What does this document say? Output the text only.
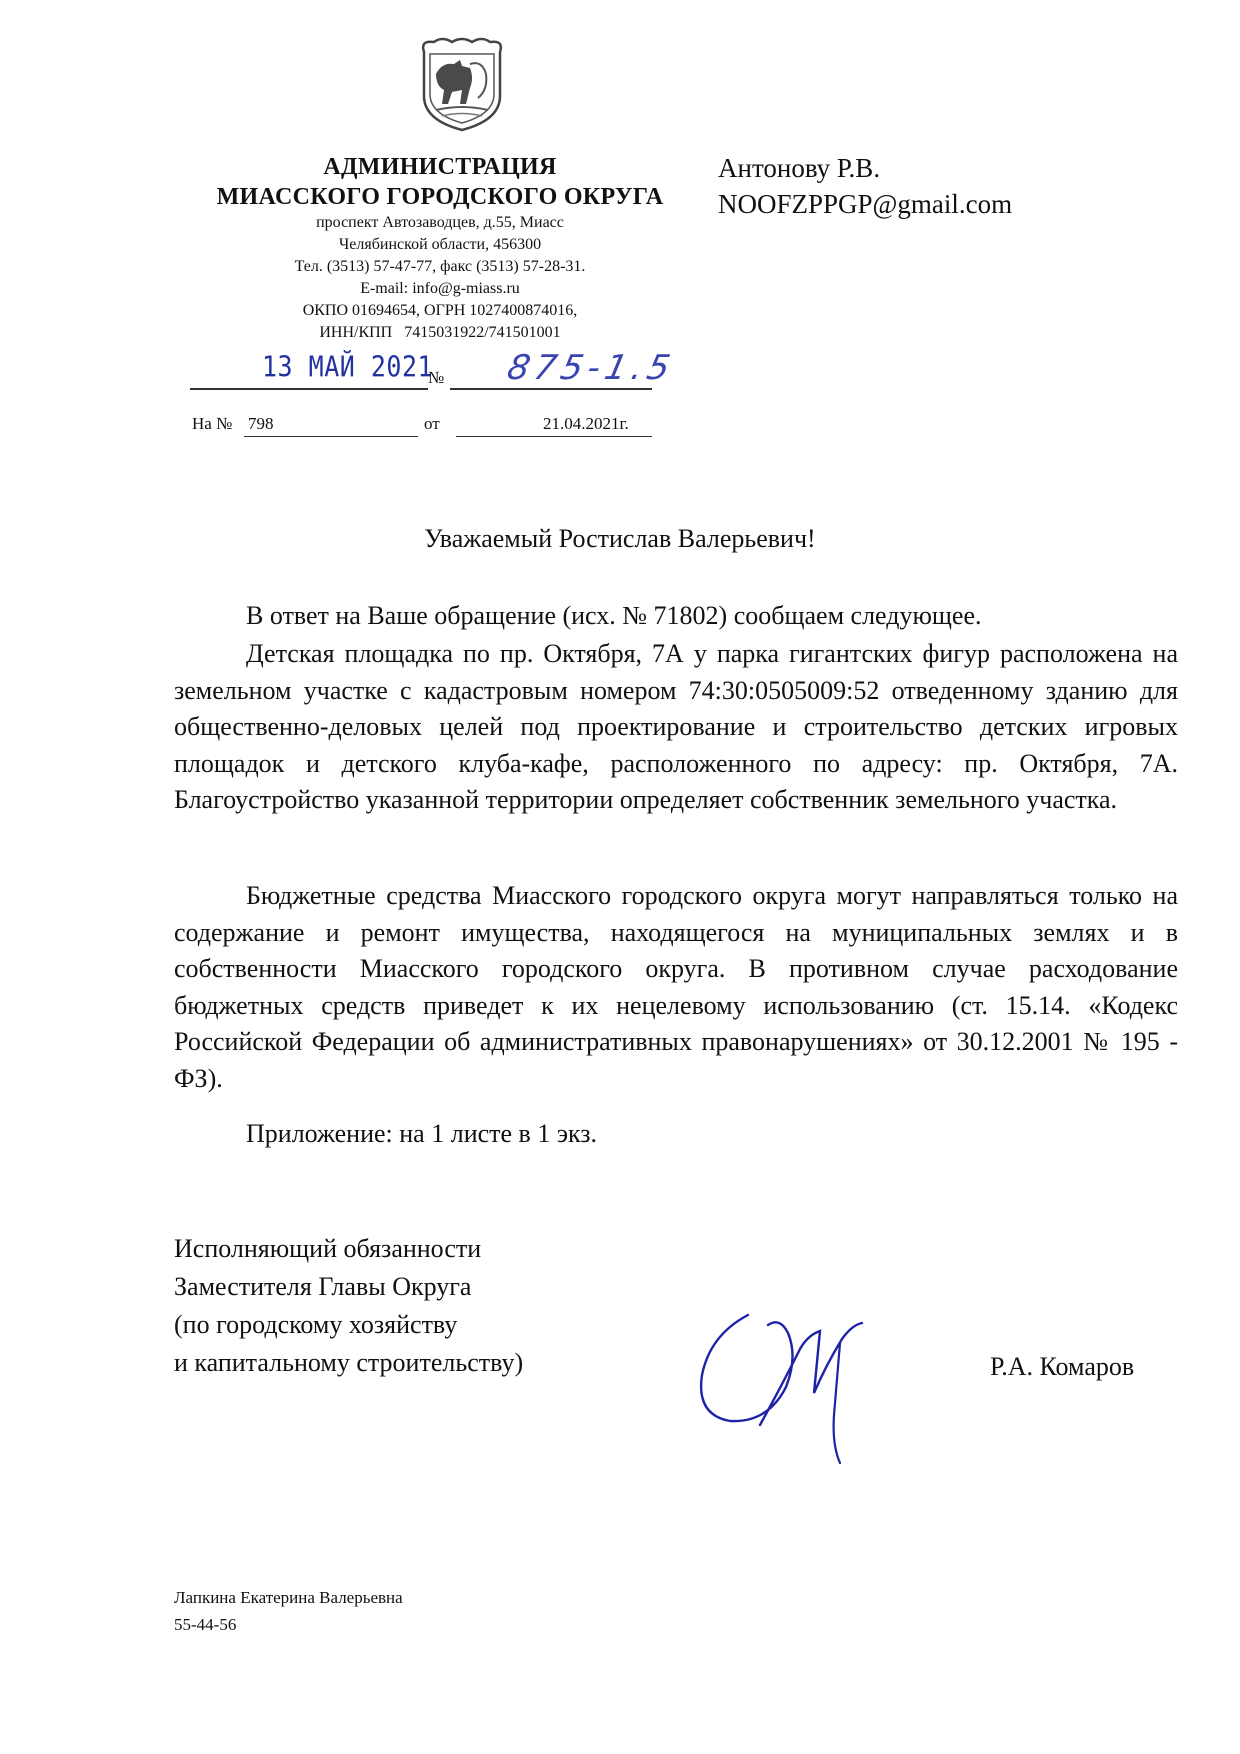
АДМИНИСТРАЦИЯ
МИАССКОГО ГОРОДСКОГО ОКРУГА
проспект Автозаводцев, д.55, Миасс
Челябинской области, 456300
Тел. (3513) 57-47-77, факс (3513) 57-28-31.
E-mail: info@g-miass.ru
ОКПО 01694654, ОГРН 1027400874016,
ИНН/КПП   7415031922/741501001
Антонову Р.В.
NOOFZPPGP@gmail.com
13 МАЙ 2021
№ 875-1.5
На № 798	от	21.04.2021г.
Уважаемый Ростислав Валерьевич!

В ответ на Ваше обращение (исх. № 71802) сообщаем следующее.

Детская площадка по пр. Октября, 7А у парка гигантских фигур расположена на земельном участке с кадастровым номером 74:30:0505009:52 отведенному зданию для общественно-деловых целей под проектирование и строительство детских игровых площадок и детского клуба-кафе, расположенного по адресу: пр. Октября, 7А. Благоустройство указанной территории определяет собственник земельного участка.

Бюджетные средства Миасского городского округа могут направляться только на содержание и ремонт имущества, находящегося на муниципальных землях и в собственности Миасского городского округа. В противном случае расходование бюджетных средств приведет к их нецелевому использованию (ст. 15.14. «Кодекс Российской Федерации об административных правонарушениях» от 30.12.2001 № 195 - ФЗ).

Приложение: на 1 листе в 1 экз.

Исполняющий обязанности
Заместителя Главы Округа
(по городскому хозяйству
и капитальному строительству)	Р.А. Комаров
Лапкина Екатерина Валерьевна
55-44-56
